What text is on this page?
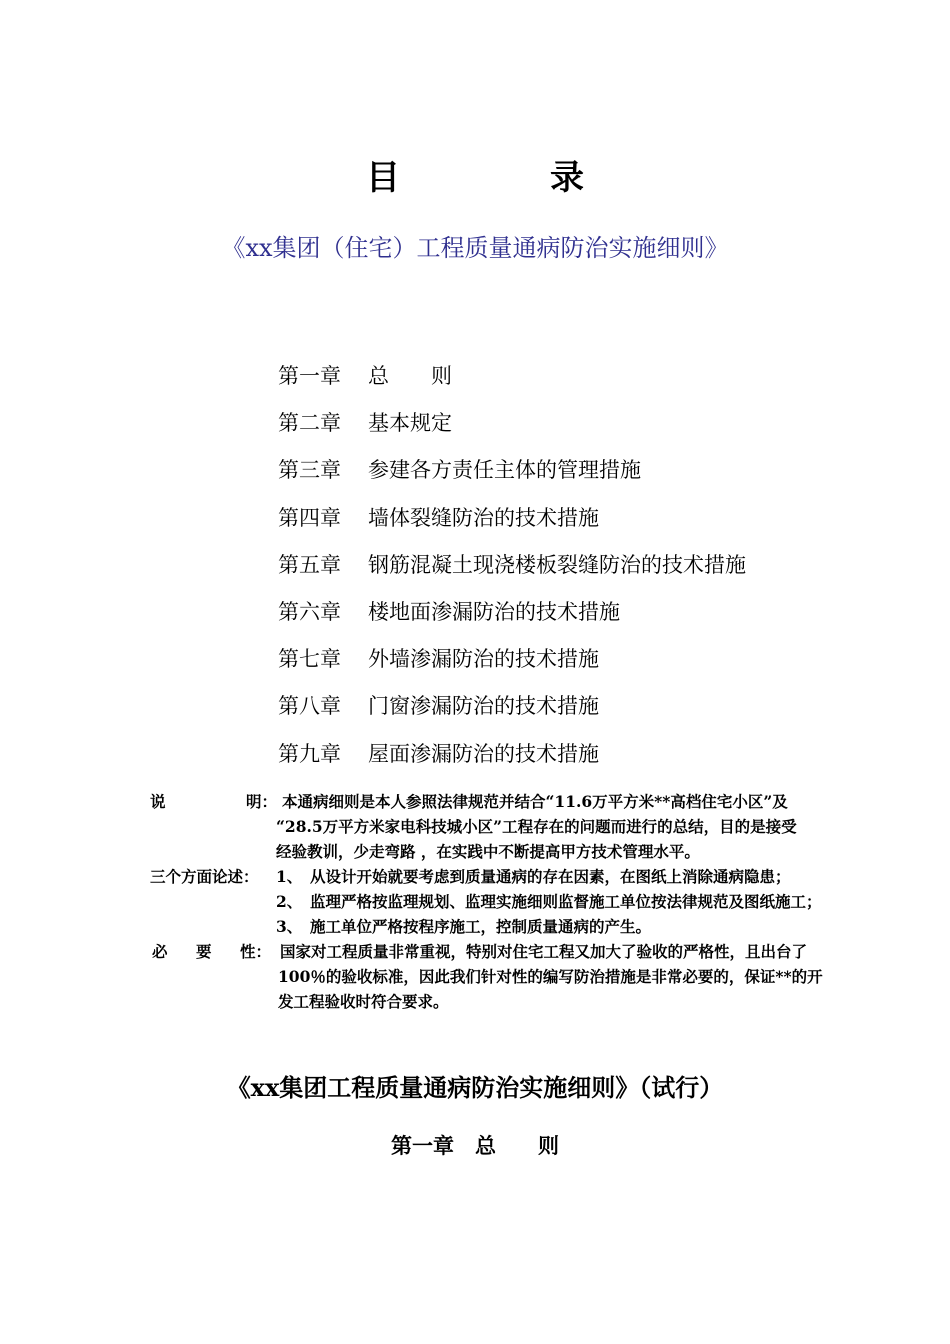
目	录
《xx集团（住宅）工程质量通病防治实施细则》
第一章 总　　则
第二章 基本规定
第三章 参建各方责任主体的管理措施
第四章 墙体裂缝防治的技术措施
第五章 钢筋混凝土现浇楼板裂缝防治的技术措施
第六章 楼地面渗漏防治的技术措施
第七章 外墙渗漏防治的技术措施
第八章 门窗渗漏防治的技术措施
第九章 屋面渗漏防治的技术措施
说	明： 本通病细则是本人参照法律规范并结合“11.6万平方米**高档住宅小区”及
“28.5万平方米家电科技城小区”工程存在的问题而进行的总结，目的是接受
经验教训，少走弯路 ，在实践中不断提高甲方技术管理水平。
三个方面论述： 1、　从设计开始就要考虑到质量通病的存在因素，在图纸上消除通病隐患；
2、　监理严格按监理规划、监理实施细则监督施工单位按法律规范及图纸施工；
3、　施工单位严格按程序施工，控制质量通病的产生。
必 要 性： 国家对工程质量非常重视，特别对住宅工程又加大了验收的严格性，且出台了
100％的验收标准，因此我们针对性的编写防治措施是非常必要的，保证**的开
发工程验收时符合要求。
《xx集团工程质量通病防治实施细则》（试行）
第一章　总　　则
